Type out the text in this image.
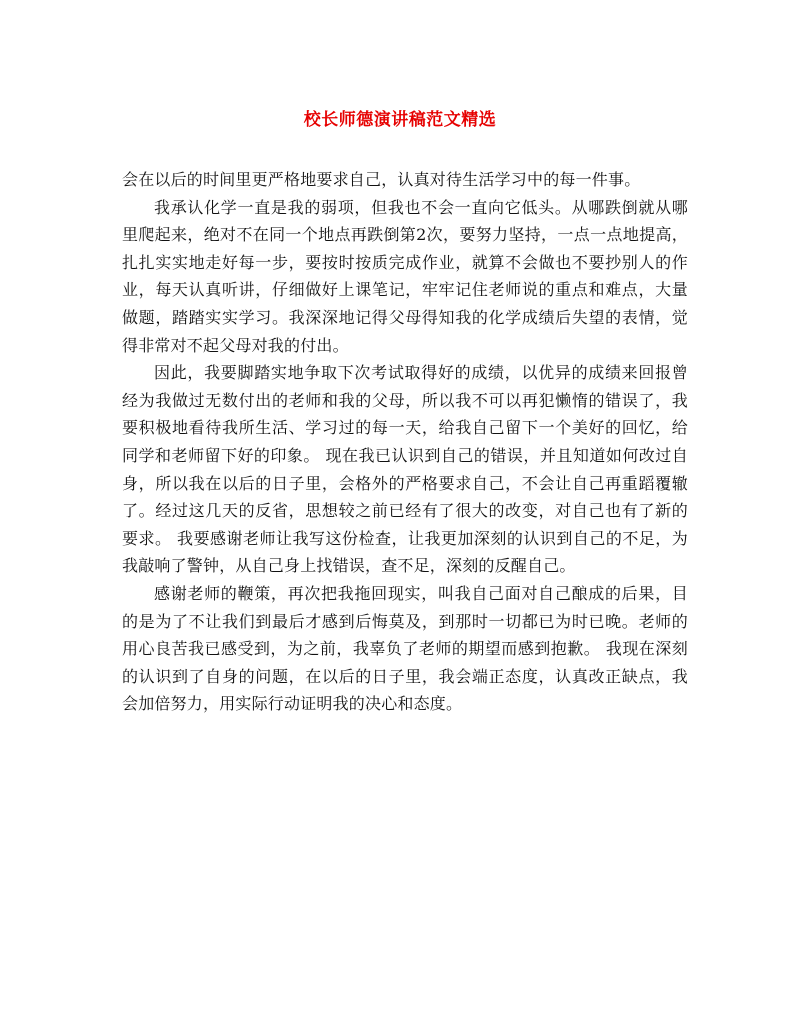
校长师德演讲稿范文精选

会在以后的时间里更严格地要求自己，认真对待生活学习中的每一件事。

我承认化学一直是我的弱项，但我也不会一直向它低头。从哪跌倒就从哪里爬起来，绝对不在同一个地点再跌倒第2次，要努力坚持，一点一点地提高，扎扎实实地走好每一步，要按时按质完成作业，就算不会做也不要抄别人的作业，每天认真听讲，仔细做好上课笔记，牢牢记住老师说的重点和难点，大量做题，踏踏实实学习。我深深地记得父母得知我的化学成绩后失望的表情，觉得非常对不起父母对我的付出。

因此，我要脚踏实地争取下次考试取得好的成绩，以优异的成绩来回报曾经为我做过无数付出的老师和我的父母，所以我不可以再犯懒惰的错误了，我要积极地看待我所生活、学习过的每一天，给我自己留下一个美好的回忆，给同学和老师留下好的印象。 现在我已认识到自己的错误，并且知道如何改过自身，所以我在以后的日子里，会格外的严格要求自己，不会让自己再重蹈覆辙了。经过这几天的反省，思想较之前已经有了很大的改变，对自己也有了新的要求。 我要感谢老师让我写这份检查，让我更加深刻的认识到自己的不足，为我敲响了警钟，从自己身上找错误，查不足，深刻的反醒自己。

感谢老师的鞭策，再次把我拖回现实，叫我自己面对自己酿成的后果，目的是为了不让我们到最后才感到后悔莫及，到那时一切都已为时已晚。老师的用心良苦我已感受到，为之前，我辜负了老师的期望而感到抱歉。 我现在深刻的认识到了自身的问题，在以后的日子里，我会端正态度，认真改正缺点，我会加倍努力，用实际行动证明我的决心和态度。
